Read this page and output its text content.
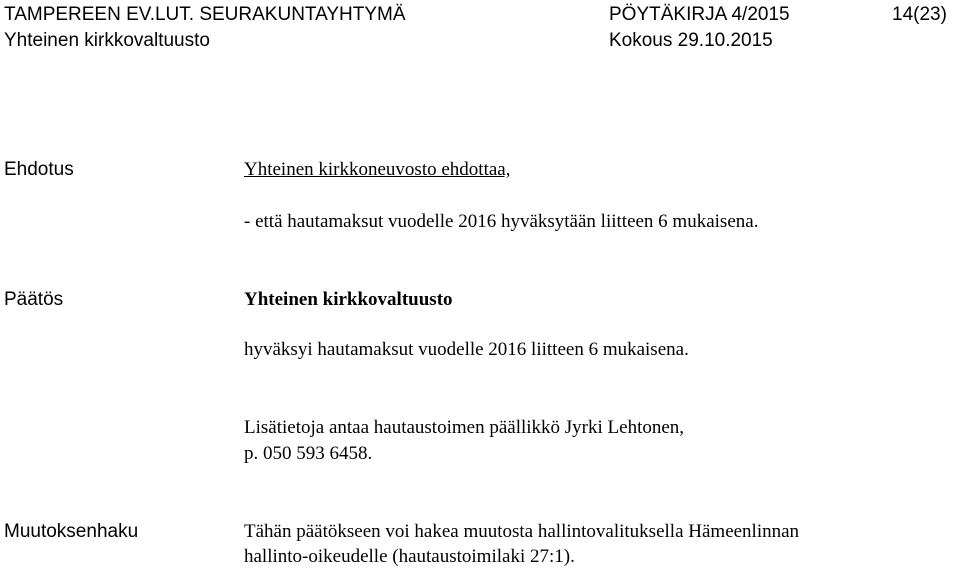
TAMPEREEN EV.LUT. SEURAKUNTAYHTYMÄ	PÖYTÄKIRJA 4/2015	14(23)
Yhteinen kirkkovaltuusto	Kokous 29.10.2015
Ehdotus	Yhteinen kirkkoneuvosto ehdottaa,
- että hautamaksut vuodelle 2016 hyväksytään liitteen 6 mukaisena.
Päätös	Yhteinen kirkkovaltuusto
hyväksyi hautamaksut vuodelle 2016 liitteen 6 mukaisena.
Lisätietoja antaa hautaustoimen päällikkö Jyrki Lehtonen,
p. 050 593 6458.
Muutoksenhaku	Tähän päätökseen voi hakea muutosta hallintovalituksella Hämeenlinnan
hallinto-oikeudelle (hautaustoimilaki 27:1).
